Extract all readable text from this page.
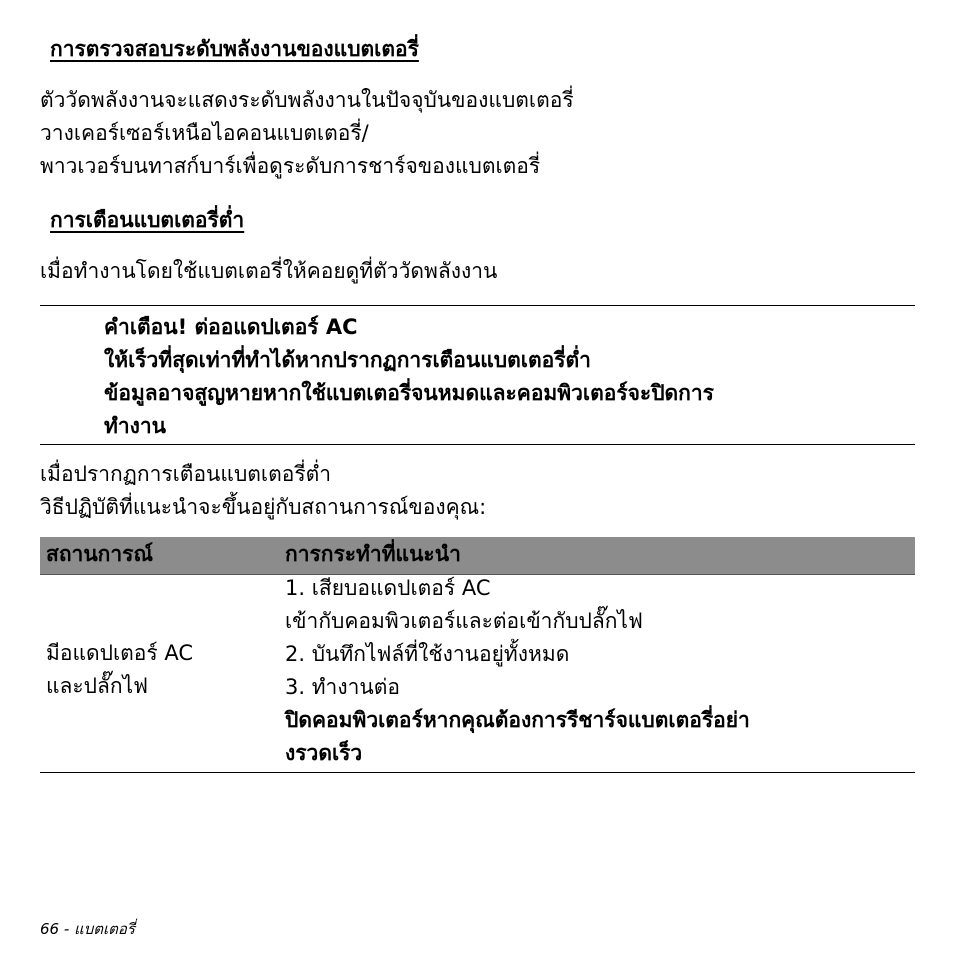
การตรวจสอบระดับพลังงานของแบตเตอรี่
ตัววัดพลังงานจะแสดงระดับพลังงานในปัจจุบันของแบตเตอรี่
วางเคอร์เซอร์เหนือไอคอนแบตเตอรี่/
พาวเวอร์บนทาสก์บาร์เพื่อดูระดับการชาร์จของแบตเตอรี่
การเตือนแบตเตอรี่ต่ำ
เมื่อทำงานโดยใช้แบตเตอรี่ให้คอยดูที่ตัววัดพลังงาน
คำเตือน! ต่ออแดปเตอร์ AC
ให้เร็วที่สุดเท่าที่ทำได้หากปรากฏการเตือนแบตเตอรี่ต่ำ
ข้อมูลอาจสูญหายหากใช้แบตเตอรี่จนหมดและคอมพิวเตอร์จะปิดการ
ทำงาน
เมื่อปรากฏการเตือนแบตเตอรี่ต่ำ
วิธีปฏิบัติที่แนะนำจะขึ้นอยู่กับสถานการณ์ของคุณ:
สถานการณ์	การกระทำที่แนะนำ
มีอแดปเตอร์ AC
และปลั๊กไฟ
1. เสียบอแดปเตอร์ AC
เข้ากับคอมพิวเตอร์และต่อเข้ากับปลั๊กไฟ
2. บันทึกไฟล์ที่ใช้งานอยู่ทั้งหมด
3. ทำงานต่อ
ปิดคอมพิวเตอร์หากคุณต้องการรีชาร์จแบตเตอรี่อย่า
งรวดเร็ว
66 - แบตเตอรี่
